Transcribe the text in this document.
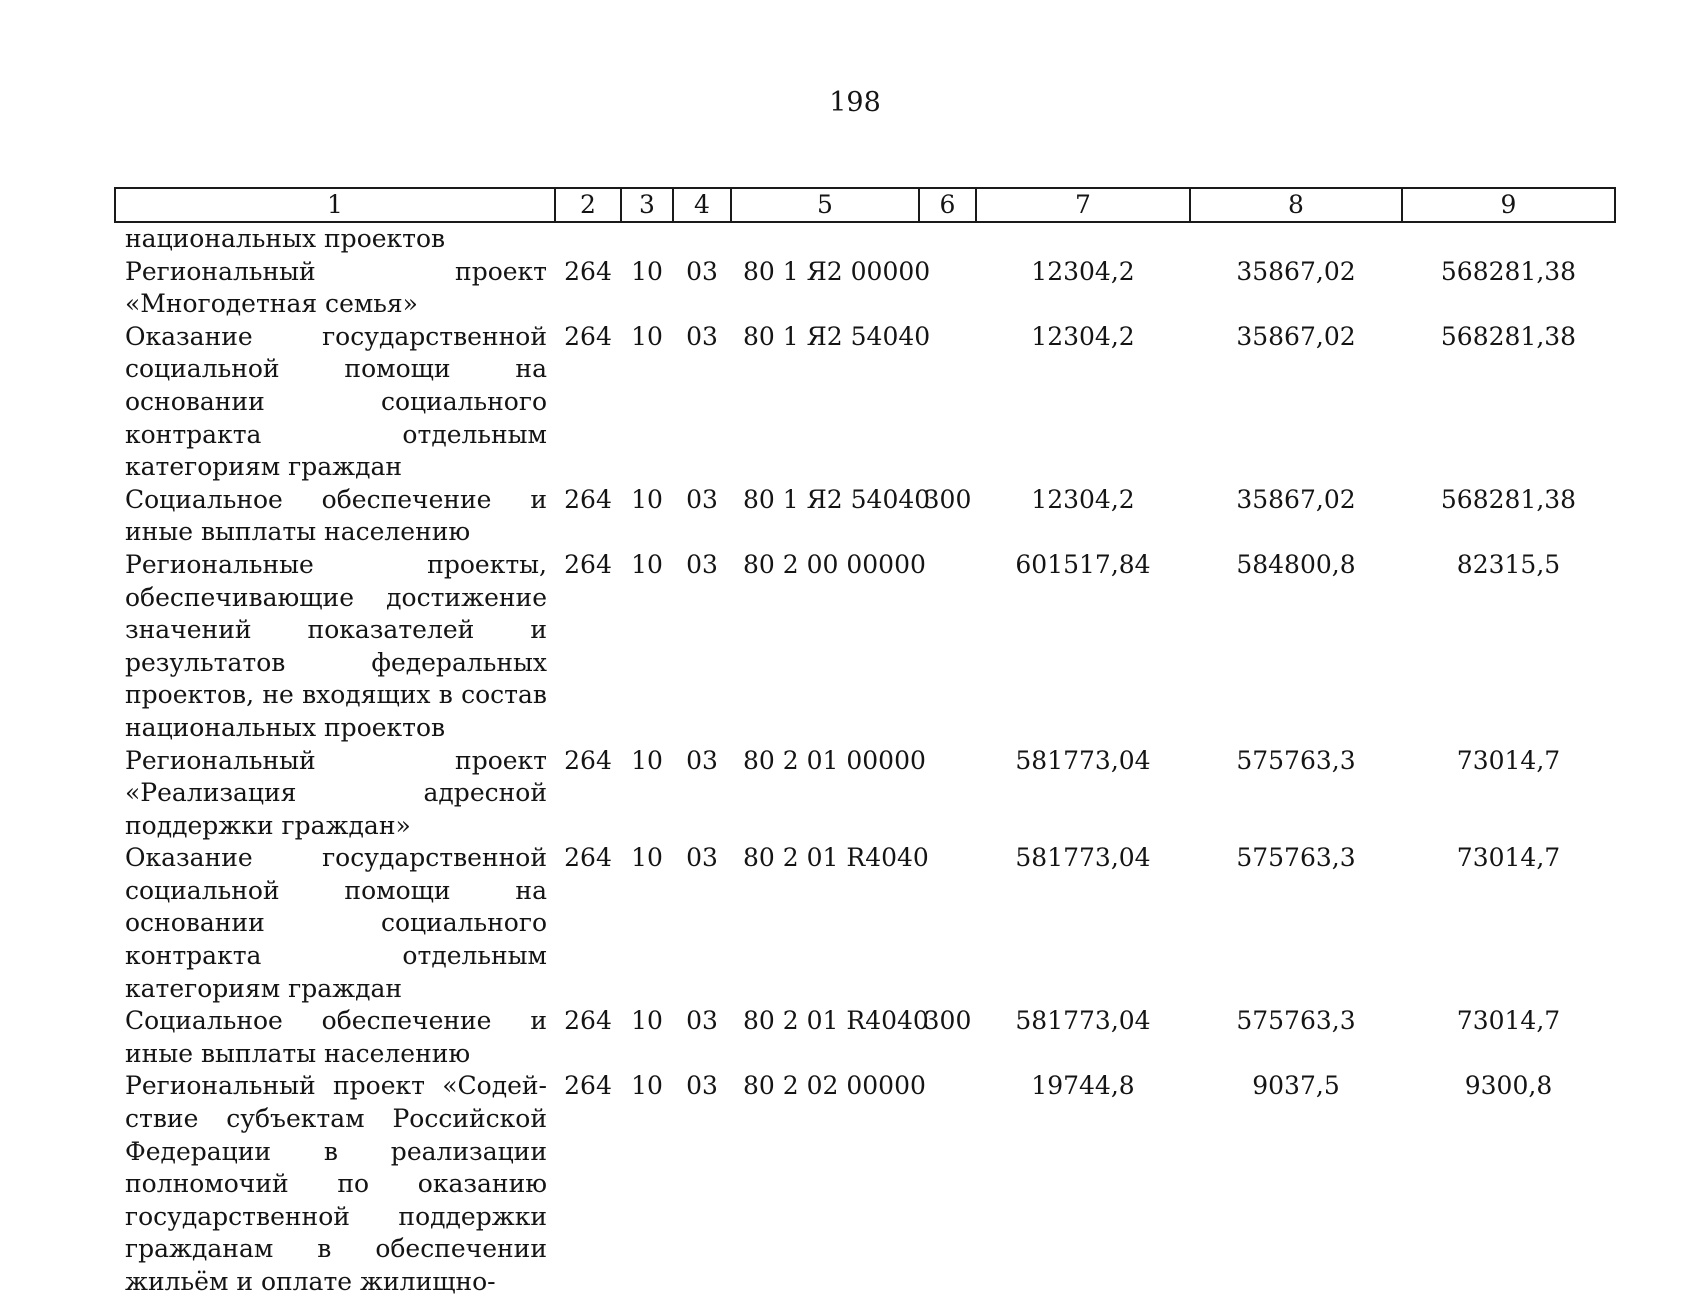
198
1	2	3	4	5	6	7	8	9
национальных проектов								
Региональный проект «Многодетная семья»	264	10	03	80 1 Я2 00000		12304,2	35867,02	568281,38
Оказание государственной социальной помощи на основании социального контракта отдельным категориям граждан	264	10	03	80 1 Я2 54040		12304,2	35867,02	568281,38
Социальное обеспечение и иные выплаты населению	264	10	03	80 1 Я2 54040	300	12304,2	35867,02	568281,38
Региональные проекты, обеспечивающие достижение значений показателей и результатов федеральных проектов, не входящих в состав национальных проектов	264	10	03	80 2 00 00000		601517,84	584800,8	82315,5
Региональный проект «Реализация адресной поддержки граждан»	264	10	03	80 2 01 00000		581773,04	575763,3	73014,7
Оказание государственной социальной помощи на основании социального контракта отдельным категориям граждан	264	10	03	80 2 01 R4040		581773,04	575763,3	73014,7
Социальное обеспечение и иные выплаты населению	264	10	03	80 2 01 R4040	300	581773,04	575763,3	73014,7
Региональный проект «Содействие субъектам Российской Федерации в реализации полномочий по оказанию государственной поддержки гражданам в обеспечении жильём и оплате жилищно-	264	10	03	80 2 02 00000		19744,8	9037,5	9300,8
